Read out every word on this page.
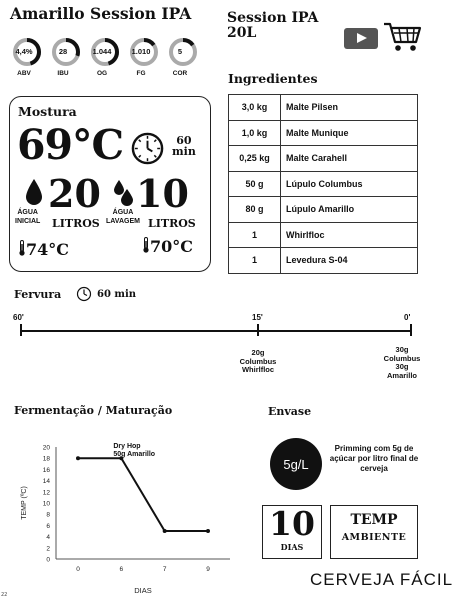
Amarillo Session IPA	Session IPA
20L
4,4%
ABV
28
IBU
1.044
OG
1.010
FG
5
COR
Mostura
69°C	60
min
ÁGUA
INICIAL
20
LITROS
ÁGUA
LAVAGEM
10
LITROS
74°C	70°C
Ingredientes
3,0 kg	Malte Pilsen
1,0 kg	Malte Munique
0,25 kg	Malte Carahell
50 g	Lúpulo Columbus
80 g	Lúpulo Amarillo
1	Whirlfloc
1	Levedura S-04
Fervura	60 min
60'	15'	0'
20g
Columbus
Whirlfloc
30g
Columbus
30g
Amarillo
Fermentação / Maturação
0
2
4
6
8
10
12
14
16
18
20
0	6	7	9
TEMP (ºC)
DIAS
Dry Hop
50g Amarillo
Envase
5g/L
Primming com 5g de açúcar por litro final de cerveja
10
DIAS
TEMP
AMBIENTE
CERVEJA FÁCIL
22
